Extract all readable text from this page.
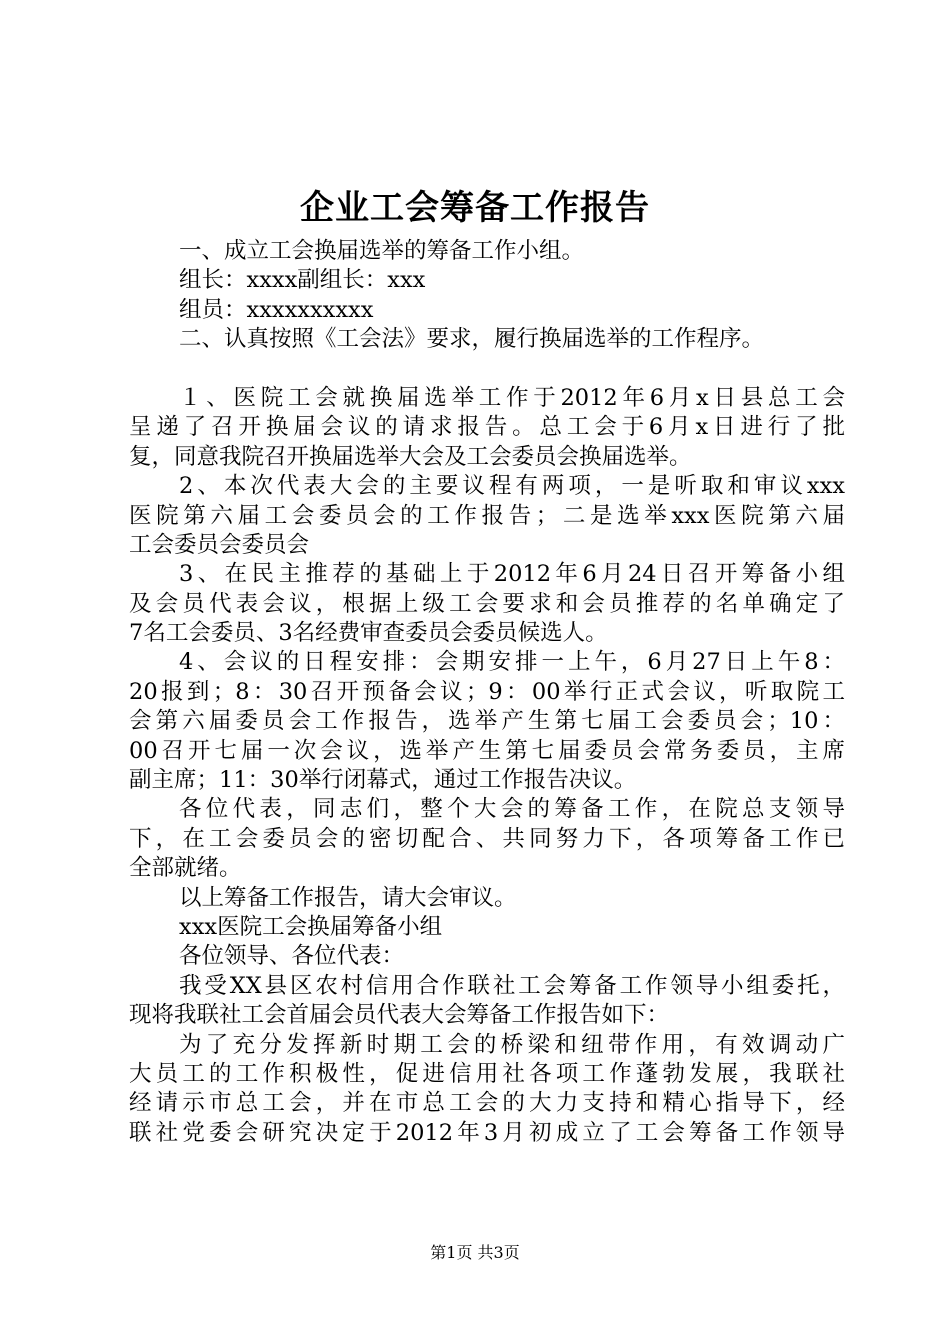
企业工会筹备工作报告
一、成立工会换届选举的筹备工作小组。
组长：xxxx副组长：xxx
组员：xxxxxxxxxx
二、认真按照《工会法》要求，履行换届选举的工作程序。
１、医院工会就换届选举工作于2012年6月x日县总工会
呈递了召开换届会议的请求报告。总工会于6月x日进行了批
复，同意我院召开换届选举大会及工会委员会换届选举。
2、本次代表大会的主要议程有两项，一是听取和审议xxx
医院第六届工会委员会的工作报告；二是选举xxx医院第六届
工会委员会委员会
3、在民主推荐的基础上于2012年6月24日召开筹备小组
及会员代表会议，根据上级工会要求和会员推荐的名单确定了
7名工会委员、3名经费审查委员会委员候选人。
4、会议的日程安排：会期安排一上午，6月27日上午8：
20报到；8：30召开预备会议；9：00举行正式会议，听取院工
会第六届委员会工作报告，选举产生第七届工会委员会；10：
00召开七届一次会议，选举产生第七届委员会常务委员，主席
副主席；11：30举行闭幕式，通过工作报告决议。
各位代表，同志们，整个大会的筹备工作，在院总支领导
下，在工会委员会的密切配合、共同努力下，各项筹备工作已
全部就绪。
以上筹备工作报告，请大会审议。
xxx医院工会换届筹备小组
各位领导、各位代表：
我受XX县区农村信用合作联社工会筹备工作领导小组委托，
现将我联社工会首届会员代表大会筹备工作报告如下：
为了充分发挥新时期工会的桥梁和纽带作用，有效调动广
大员工的工作积极性，促进信用社各项工作蓬勃发展，我联社
经请示市总工会，并在市总工会的大力支持和精心指导下，经
联社党委会研究决定于2012年3月初成立了工会筹备工作领导
第1页 共3页
